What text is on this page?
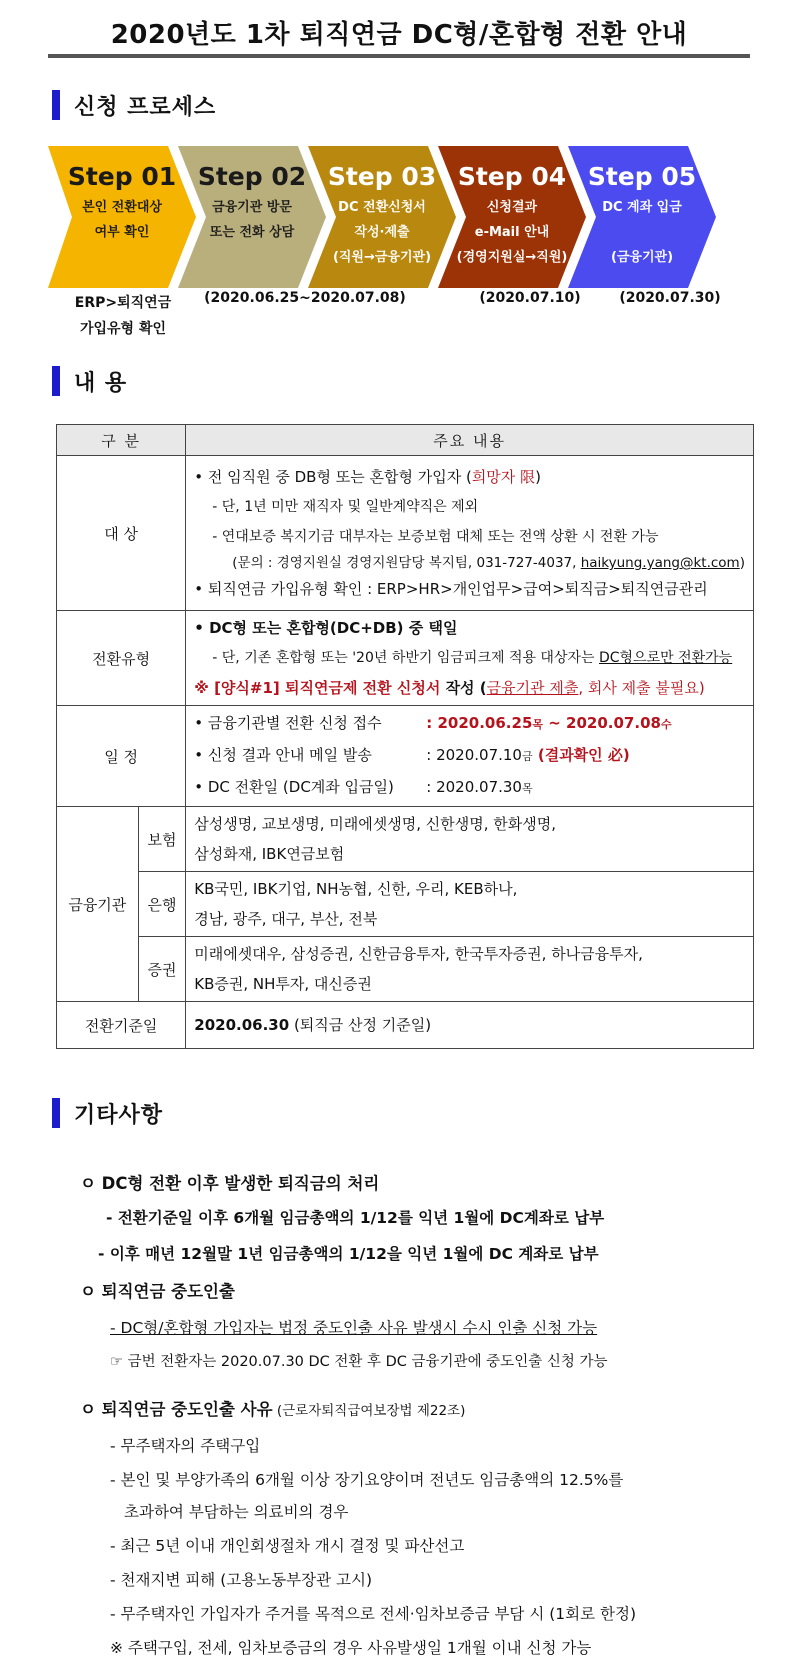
2020년도 1차 퇴직연금 DC형/혼합형 전환 안내
신청 프로세스
Step 01
본인 전환대상
여부 확인
Step 02
금융기관 방문
또는 전화 상담
Step 03
DC 전환신청서
작성·제출
(직원→금융기관)
Step 04
신청결과
e-Mail 안내
(경영지원실→직원)
Step 05
DC 계좌 입금

(금융기관)
ERP>퇴직연금
가입유형 확인
(2020.06.25~2020.07.08)	(2020.07.10)	(2020.07.30)
내 용
구 분		주요 내용
대 상		• 전 임직원 중 DB형 또는 혼합형 가입자 (희망자 限)
- 단, 1년 미만 재직자 및 일반계약직은 제외
- 연대보증 복지기금 대부자는 보증보험 대체 또는 전액 상환 시 전환 가능
(문의 : 경영지원실 경영지원담당 복지팀, 031-727-4037, haikyung.yang@kt.com)
• 퇴직연금 가입유형 확인 : ERP>HR>개인업무>급여>퇴직금>퇴직연금관리

전환유형		• DC형 또는 혼합형(DC+DB) 중 택일
- 단, 기존 혼합형 또는 '20년 하반기 임금피크제 적용 대상자는 DC형으로만 전환가능
※ [양식#1] 퇴직연금제 전환 신청서 작성 (금융기관 제출, 회사 제출 불필요)

일 정		• 금융기관별 전환 신청 접수 : 2020.06.25목 ~ 2020.07.08수
• 신청 결과 안내 메일 발송 : 2020.07.10금 (결과확인 必)
• DC 전환일 (DC계좌 입금일) : 2020.07.30목

금융기관	보험	삼성생명, 교보생명, 미래에셋생명, 신한생명, 한화생명,
삼성화재, IBK연금보험

	은행	KB국민, IBK기업, NH농협, 신한, 우리, KEB하나,
경남, 광주, 대구, 부산, 전북

	증권	미래에셋대우, 삼성증권, 신한금융투자, 한국투자증권, 하나금융투자,
KB증권, NH투자, 대신증권

전환기준일		2020.06.30 (퇴직금 산정 기준일)
기타사항
ㅇ DC형 전환 이후 발생한 퇴직금의 처리
- 전환기준일 이후 6개월 임금총액의 1/12를 익년 1월에 DC계좌로 납부
- 이후 매년 12월말 1년 임금총액의 1/12을 익년 1월에 DC 계좌로 납부
ㅇ 퇴직연금 중도인출
- DC형/혼합형 가입자는 법정 중도인출 사유 발생시 수시 인출 신청 가능
☞ 금번 전환자는 2020.07.30 DC 전환 후 DC 금융기관에 중도인출 신청 가능
ㅇ 퇴직연금 중도인출 사유 (근로자퇴직급여보장법 제22조)
- 무주택자의 주택구입
- 본인 및 부양가족의 6개월 이상 장기요양이며 전년도 임금총액의 12.5%를
초과하여 부담하는 의료비의 경우
- 최근 5년 이내 개인회생절차 개시 결정 및 파산선고
- 천재지변 피해 (고용노동부장관 고시)
- 무주택자인 가입자가 주거를 목적으로 전세·임차보증금 부담 시 (1회로 한정)
※ 주택구입, 전세, 임차보증금의 경우 사유발생일 1개월 이내 신청 가능
